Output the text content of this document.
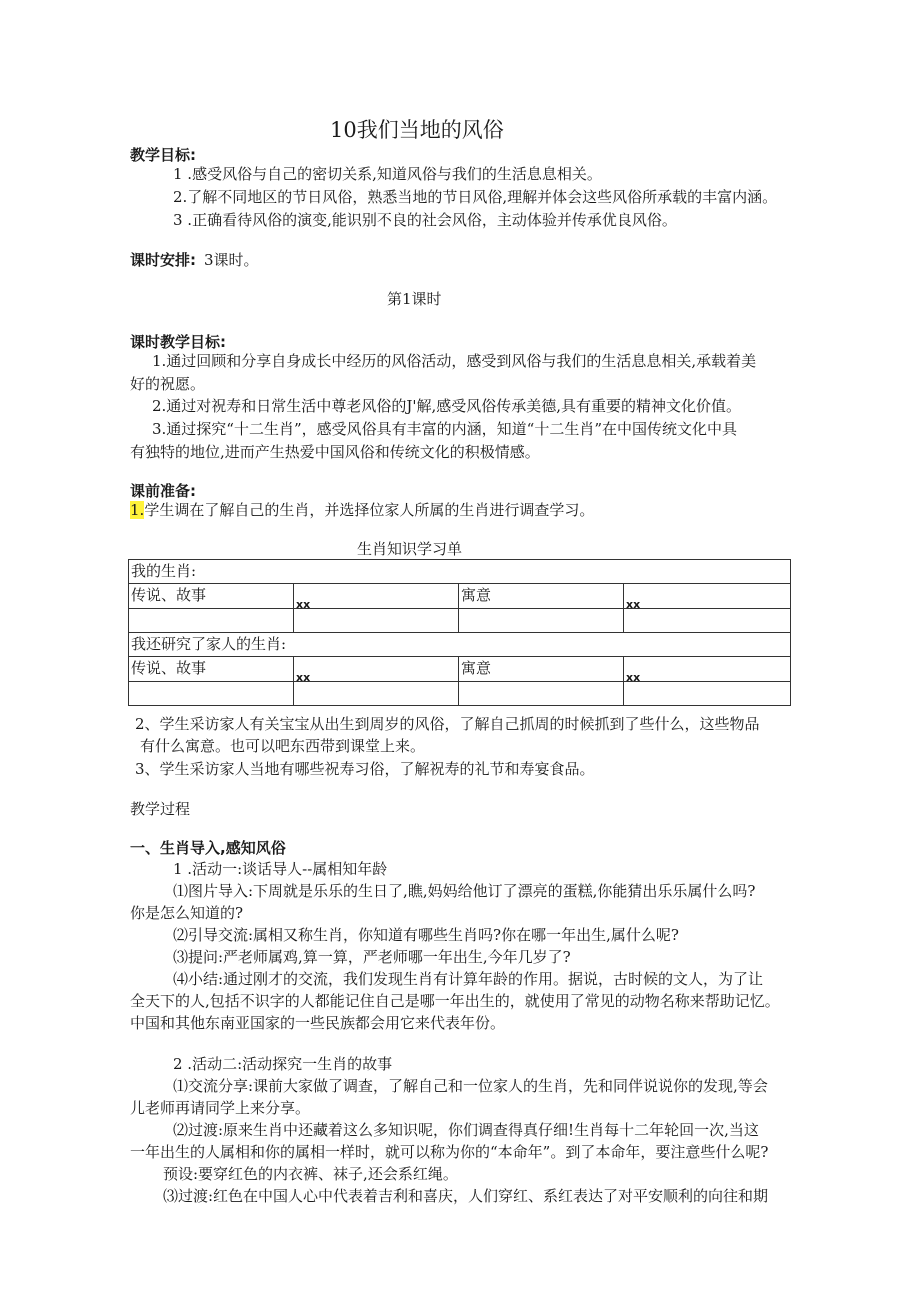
10我们当地的风俗
教学目标:
1 .感受风俗与自己的密切关系,知道风俗与我们的生活息息相关。
2.了解不同地区的节日风俗，熟悉当地的节日风俗,理解并体会这些风俗所承载的丰富内涵。
3 .正确看待风俗的演变,能识别不良的社会风俗，主动体验并传承优良风俗。
课时安排: 3课时。
第1课时
课时教学目标:
1.通过回顾和分享自身成长中经历的风俗活动，感受到风俗与我们的生活息息相关,承载着美
好的祝愿。
2.通过对祝寿和日常生活中尊老风俗的J'解,感受风俗传承美德,具有重要的精神文化价值。
3.通过探究“十二生肖”，感受风俗具有丰富的内涵，知道“十二生肖”在中国传统文化中具
有独特的地位,进而产生热爱中国风俗和传统文化的积极情感。
课前准备:
1.学生调在了解自己的生肖，并选择位家人所属的生肖进行调查学习。
生肖知识学习单
我的生肖:			
传说、故事	$_{xx}$	寓意	$_{xx}$

我还研究了家人的生肖:			
传说、故事	$_{xx}$	寓意	$_{xx}$

2、学生采访家人有关宝宝从出生到周岁的风俗，了解自己抓周的时候抓到了些什么，这些物品
有什么寓意。也可以吧东西带到课堂上来。
3、学生采访家人当地有哪些祝寿习俗，了解祝寿的礼节和寿宴食品。
教学过程
一、生肖导入,感知风俗
1 .活动一:谈话导人--属相知年龄
⑴图片导入:下周就是乐乐的生日了,瞧,妈妈给他订了漂亮的蛋糕,你能猜出乐乐属什么吗?
你是怎么知道的?
⑵引导交流:属相又称生肖，你知道有哪些生肖吗?你在哪一年出生,属什么呢?
⑶提问:严老师属鸡,算一算，严老师哪一年出生,今年几岁了?
⑷小结:通过刚才的交流，我们发现生肖有计算年龄的作用。据说，古时候的文人，为了让
全天下的人,包括不识字的人都能记住自己是哪一年出生的，就使用了常见的动物名称来帮助记忆。
中国和其他东南亚国家的一些民族都会用它来代表年份。
2 .活动二:活动探究一生肖的故事
⑴交流分享:课前大家做了调查，了解自己和一位家人的生肖，先和同伴说说你的发现,等会
儿老师再请同学上来分享。
⑵过渡:原来生肖中还藏着这么多知识呢，你们调查得真仔细!生肖每十二年轮回一次,当这
一年出生的人属相和你的属相一样时，就可以称为你的“本命年”。到了本命年，要注意些什么呢?
预设:要穿红色的内衣裤、袜子,还会系红绳。
⑶过渡:红色在中国人心中代表着吉利和喜庆，人们穿红、系红表达了对平安顺利的向往和期
